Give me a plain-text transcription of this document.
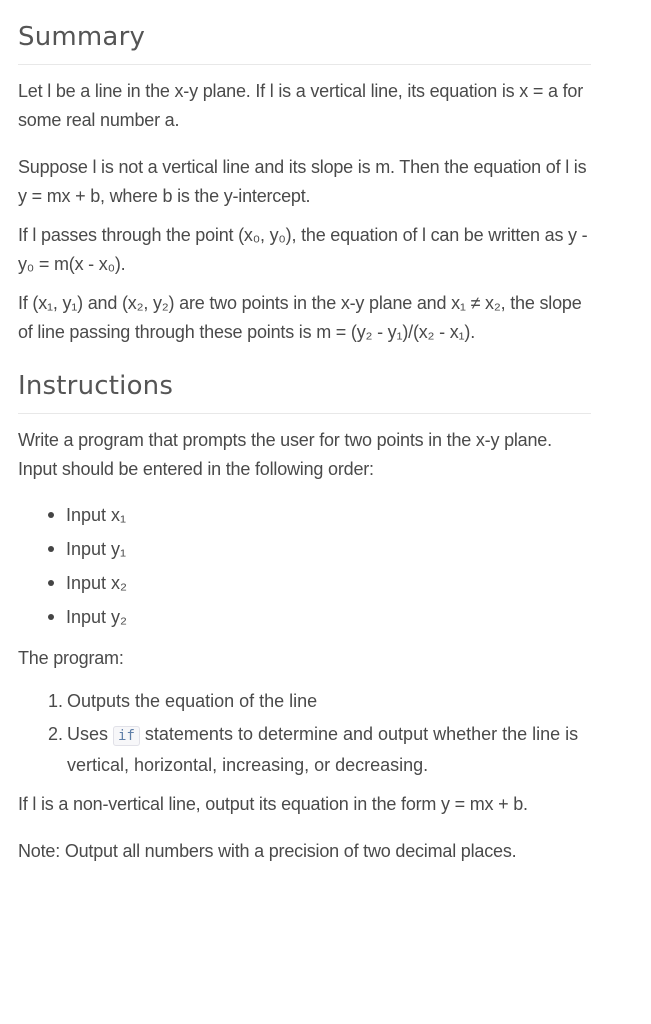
Summary

Let l be a line in the x-y plane. If l is a vertical line, its equation is x = a for some real number a.

Suppose l is not a vertical line and its slope is m. Then the equation of l is y = mx + b, where b is the y-intercept.

If l passes through the point (x₀, y₀), the equation of l can be written as y - y₀ = m(x - x₀).

If (x₁, y₁) and (x₂, y₂) are two points in the x-y plane and x₁ ≠ x₂, the slope of line passing through these points is m = (y₂ - y₁)/(x₂ - x₁).

Instructions

Write a program that prompts the user for two points in the x-y plane. Input should be entered in the following order:

Input x₁
Input y₁
Input x₂
Input y₂

The program:

1. Outputs the equation of the line
2. Uses if statements to determine and output whether the line is vertical, horizontal, increasing, or decreasing.

If l is a non-vertical line, output its equation in the form y = mx + b.

Note: Output all numbers with a precision of two decimal places.
